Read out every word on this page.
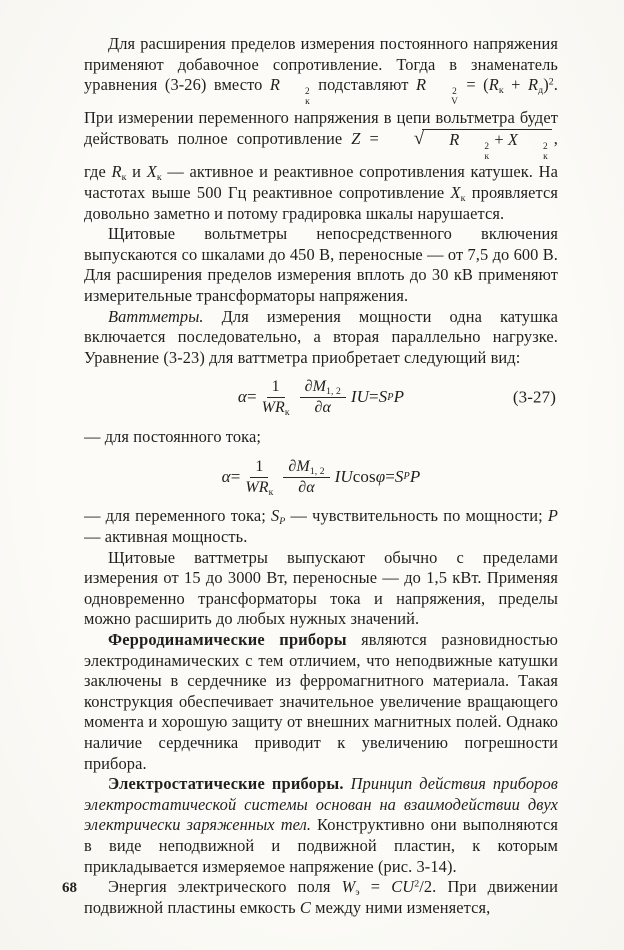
Для расширения пределов измерения постоянного напряжения применяют добавочное сопротивление. Тогда в знаменатель уравнения (3-26) вместо R	2
к
подставляют R	2
V
= $(R_к + R_д)^2$. При измерении переменного напряжения в цепи вольтметра будет действовать полное сопротивление Z =	√	R	2
к
+ X	2
к
, где $R_к$ и $X_к$ — активное и реактивное сопротивления катушек. На частотах выше 500 Гц реактивное сопротивление $X_к$ проявляется довольно заметно и потому градировка шкалы нарушается.
Щитовые вольтметры непосредственного включения выпускаются со шкалами до 450 В, переносные — от 7,5 до 600 В. Для расширения пределов измерения вплоть до 30 кВ применяют измерительные трансформаторы напряжения.
Ваттметры. Для измерения мощности одна катушка включается последовательно, а вторая параллельно нагрузке. Уравнение (3-23) для ваттметра приобретает следующий вид:
$\alpha = \frac{1}{WR_к} \frac{\partial M_{1, 2}}{\partial\alpha}$ IU = S P P	(3-27)
— для постоянного тока;
$\alpha = \frac{1}{WR_к} \frac{\partial M_{1, 2}}{\partial\alpha}$ IU cos φ = S P P
— для переменного тока; $S_P$ — чувствительность по мощности; P — активная мощность.
Щитовые ваттметры выпускают обычно с пределами измерения от 15 до 3000 Вт, переносные — до 1,5 кВт. Применяя одновременно трансформаторы тока и напряжения, пределы можно расширить до любых нужных значений.
Ферродинамические приборы являются разновидностью электродинамических с тем отличием, что неподвижные катушки заключены в сердечнике из ферромагнитного материала. Такая конструкция обеспечивает значительное увеличение вращающего момента и хорошую защиту от внешних магнитных полей. Однако наличие сердечника приводит к увеличению погрешности прибора.
Электростатические приборы. Принцип действия приборов электростатической системы основан на взаимодействии двух электрически заряженных тел. Конструктивно они выполняются в виде неподвижной и подвижной пластин, к которым прикладывается измеряемое напряжение (рис. 3-14).
Энергия электрического поля $W_э = CU^2/2$. При движении подвижной пластины емкость C между ними изменяется,
68
